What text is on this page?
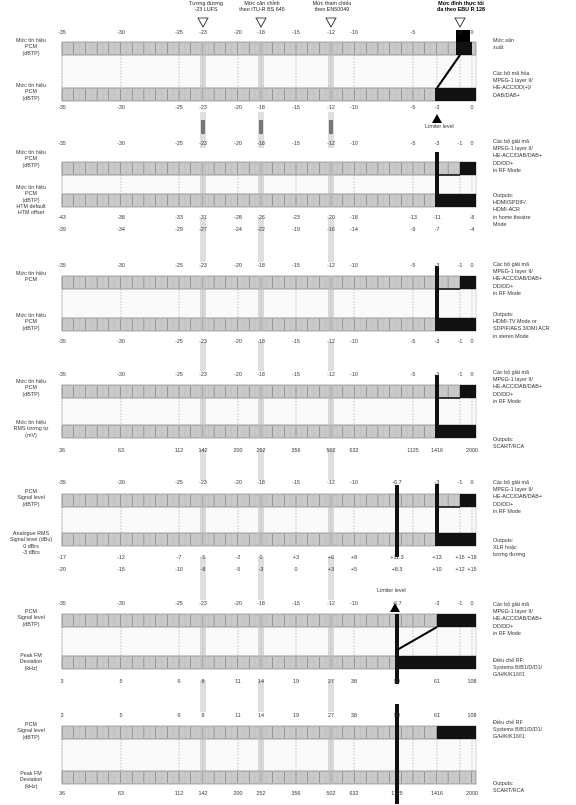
Tương đương
-23 LUFS
Mức căn chỉnh
theo ITU-R BS 645
Mức tham chiếu
theo EN50049
Mức đỉnh thực tối
đa theo EBU R 128
Mức tín hiệu
PCM
(dBTP)
Mức tín hiệu
PCM
(dBTP)
Mức sản
xuất
Các bộ mã hóa
MPEG-1 layer II/
HE-ACC/DD(+)/
DAB/DAB+
Limiter level
Mức tín hiệu
PCM
(dBTP)
Mức tín hiệu
PCM
(dBTP)
HTM default
HTM offset
Các bộ giải mã
MPEG-1 layer II/
HE-ACC/DAB/DAB+
DD/DD+
in RF Mode
Outputs:
HDMI/SPDIF/
HDMI-ACR
in home theatre
Mode
Mức tín hiệu
PCM
Mức tín hiệu
PCM
(dBTP)
Các bộ giải mã
MPEG-1 layer II/
HE-ACC/DAB/DAB+
DD/DD+
in RF Mode
Outputs:
HDMI-TV Mode or
SDPIF/AES 3/DMI ACR
in stereo Mode
Mức tín hiệu
PCM
(dBTP)
Mức tín hiệu
RMS tương tự
(mV)
Các bộ giải mã
MPEG-1 layer II/
HE-ACC/DAB/DAB+
DD/DD+
in RF Mode
Outputs:
SCART/RCA
PCM
Signal level
(dBTP)
Analogue RMS
Signal level (dBu)
0 dBrs
-3 dBrs
Các bộ giải mã
MPEG-1 layer II/
HE-ACC/DAB/DAB+
DD/DD+
in RF Mode
Outputs:
XLR hoặc
tương đương
Limiter level
PCM
Signal level
(dBTP)
Peak FM
Deviation
(kHz)
Các bộ giải mã
MPEG-1 layer II/
HE-ACC/DAB/DAB+
DD/DD+
in RF Mode
Điều chế RF:
Systems B/B1/D/D1/
G/H/K/K1/I/I1
PCM
Signal level
(dBTP)
Peak FM
Deviation
(kHz)
Điều chế RF
Systems B/B1/D/D1/
G/H/K/K1/I/I1
Outputs:
SCART/RCA
-35	-30	-25	-23	-20	-18	-15	-12	-10	-5	-1 0
-35	-30	-25	-23	-20	-18	-15	-12	-10	-5	-3	0
-35	-30	-25	-23	-20	-18	-15	-12	-10	-5	-3	-1 0
-43	-38	-33	-31	-28	-26	-23	-20	-18	-13	-11	-8
-39	-34	-29	-27	-24	-22	-19	-16	-14	-9	-7	-4
-35	-30	-25	-23	-20	-18	-15	-12	-10	-5	-3	-1 0
-35	-30	-25	-23	-20	-18	-15	-12	-10	-5	-3	-1 0
-35	-30	-25	-23	-20	-18	-15	-12	-10	-5	-3	-1 0
36	63	112	142	200	252	356	502	632	1125 1416	2000
-35	-30	-25	-23	-20	-18	-15	-12	-10	-6.7	-3	-1 0
-17	-12	-7	-5	-2	0	+3	+6	+8	+11.3	+13	+15 +18
-20	-15	-10	-8	-5	-3	0	+3	+5	+8.3	+10	+12 +15
-35	-30	-25	-23	-20	-18	-15	-12	-10	-6.7	-3	-1 0
3	5	6	8	11	14	19	27	38	50	61	108
3	5	6	8	11	14	19	27	38	50	61	108
36	63	112	142	200	252	356	502	632	1125	1416	2000
